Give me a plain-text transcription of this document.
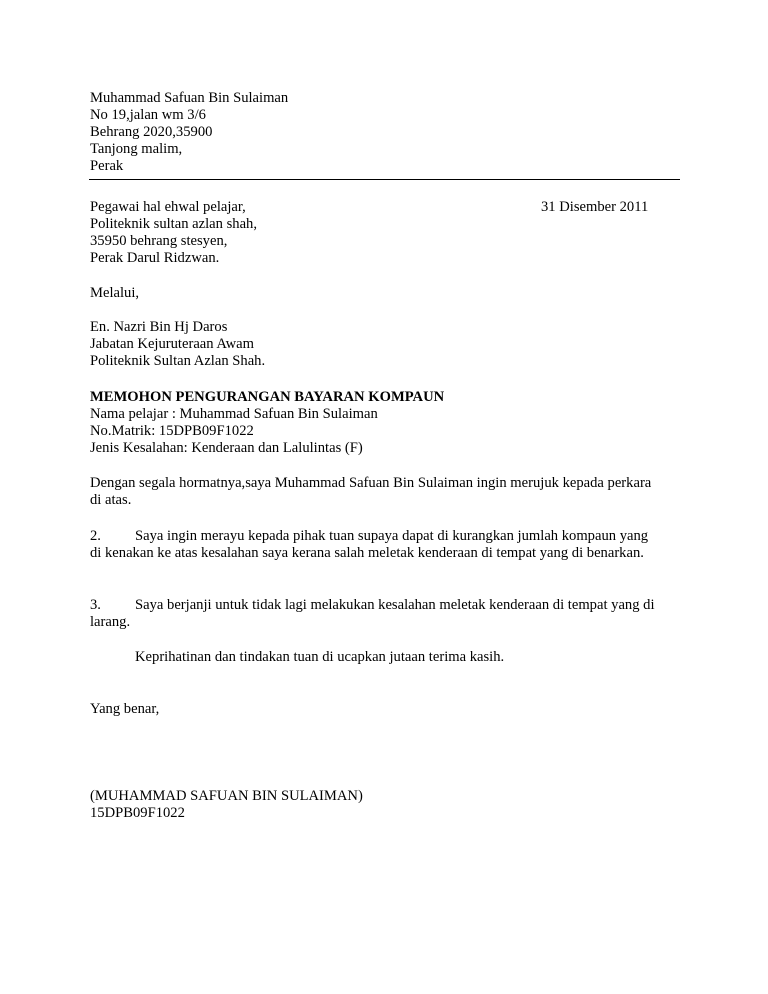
Muhammad Safuan Bin Sulaiman
No 19,jalan wm 3/6
Behrang 2020,35900
Tanjong malim,
Perak
Pegawai hal ehwal pelajar,
Politeknik sultan azlan shah,
35950 behrang stesyen,
Perak Darul Ridzwan.
31 Disember 2011
Melalui,
En. Nazri Bin Hj Daros
Jabatan Kejuruteraan Awam
Politeknik Sultan Azlan Shah.
MEMOHON PENGURANGAN BAYARAN KOMPAUN
Nama pelajar : Muhammad Safuan Bin Sulaiman
No.Matrik: 15DPB09F1022
Jenis Kesalahan: Kenderaan dan Lalulintas (F)
Dengan segala hormatnya,saya Muhammad Safuan Bin Sulaiman ingin merujuk kepada perkara
di atas.
2. Saya ingin merayu kepada pihak tuan supaya dapat di kurangkan jumlah kompaun yang
di kenakan ke atas kesalahan saya kerana salah meletak kenderaan di tempat yang di benarkan.
3. Saya berjanji untuk tidak lagi melakukan kesalahan meletak kenderaan di tempat yang di
larang.
Keprihatinan dan tindakan tuan di ucapkan jutaan terima kasih.
Yang benar,
(MUHAMMAD SAFUAN BIN SULAIMAN)
15DPB09F1022
